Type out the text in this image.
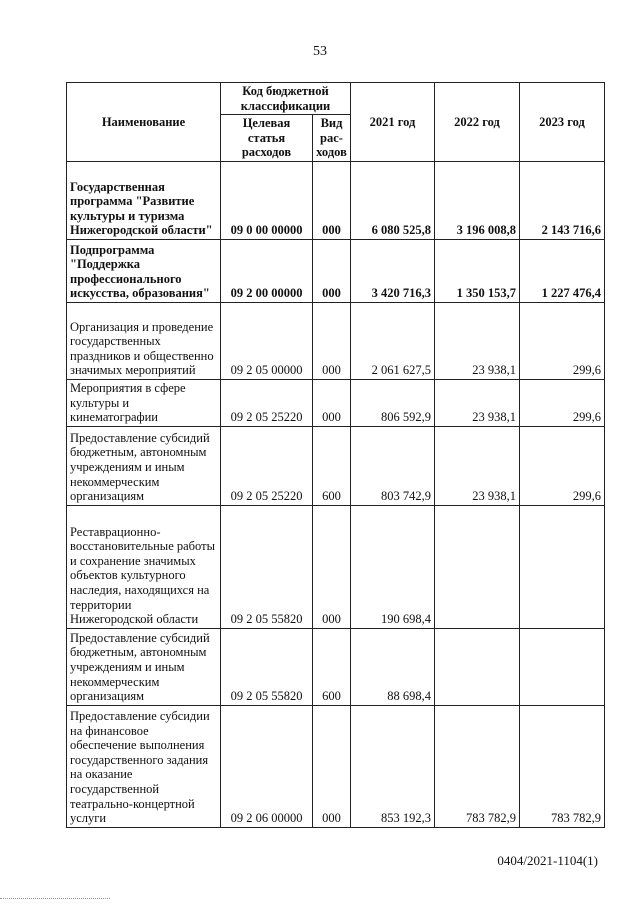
53
Наименование	Код бюджетной классификации		2021 год	2022 год	2023 год
	Целевая статья расходов	Вид рас-ходов			
Государственная программа "Развитие культуры и туризма Нижегородской области"	09 0 00 00000	000	6 080 525,8	3 196 008,8	2 143 716,6
Подпрограмма "Поддержка профессионального искусства, образования"	09 2 00 00000	000	3 420 716,3	1 350 153,7	1 227 476,4
Организация и проведение государственных праздников и общественно значимых мероприятий	09 2 05 00000	000	2 061 627,5	23 938,1	299,6
Мероприятия в сфере культуры и кинематографии	09 2 05 25220	000	806 592,9	23 938,1	299,6
Предоставление субсидий бюджетным, автономным учреждениям и иным некоммерческим организациям	09 2 05 25220	600	803 742,9	23 938,1	299,6
Реставрационно-восстановительные работы и сохранение значимых объектов культурного наследия, находящихся на территории Нижегородской области	09 2 05 55820	000	190 698,4		
Предоставление субсидий бюджетным, автономным учреждениям и иным некоммерческим организациям	09 2 05 55820	600	88 698,4		
Предоставление субсидии на финансовое обеспечение выполнения государственного задания на оказание государственной театрально-концертной услуги	09 2 06 00000	000	853 192,3	783 782,9	783 782,9
0404/2021-1104(1)
